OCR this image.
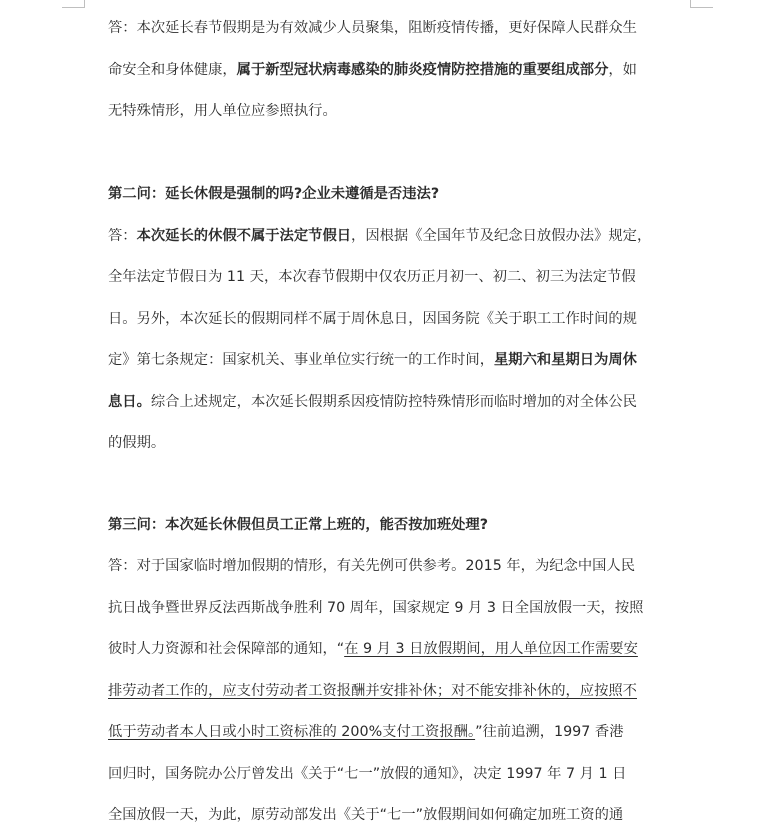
答：本次延长春节假期是为有效减少人员聚集，阻断疫情传播，更好保障人民群众生
命安全和身体健康，属于新型冠状病毒感染的肺炎疫情防控措施的重要组成部分，如
无特殊情形，用人单位应参照执行。

第二问：延长休假是强制的吗?企业未遵循是否违法?

答：本次延长的休假不属于法定节假日，因根据《全国年节及纪念日放假办法》规定，
全年法定节假日为 11 天，本次春节假期中仅农历正月初一、初二、初三为法定节假
日。另外，本次延长的假期同样不属于周休息日，因国务院《关于职工工作时间的规
定》第七条规定：国家机关、事业单位实行统一的工作时间，星期六和星期日为周休
息日。综合上述规定，本次延长假期系因疫情防控特殊情形而临时增加的对全体公民
的假期。

第三问：本次延长休假但员工正常上班的，能否按加班处理?

答：对于国家临时增加假期的情形，有关先例可供参考。2015 年，为纪念中国人民
抗日战争暨世界反法西斯战争胜利 70 周年，国家规定 9 月 3 日全国放假一天，按照
彼时人力资源和社会保障部的通知，“在 9 月 3 日放假期间，用人单位因工作需要安
排劳动者工作的，应支付劳动者工资报酬并安排补休；对不能安排补休的，应按照不
低于劳动者本人日或小时工资标准的 200%支付工资报酬。”往前追溯，1997 香港
回归时，国务院办公厅曾发出《关于“七一”放假的通知》，决定 1997 年 7 月 1 日
全国放假一天，为此，原劳动部发出《关于“七一”放假期间如何确定加班工资的通
